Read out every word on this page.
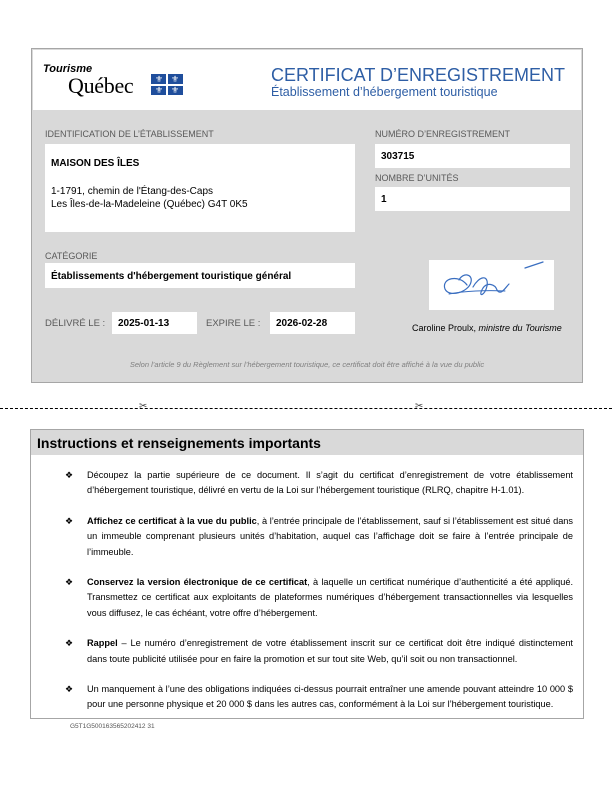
Tourisme
Québec ⚜ ⚜
⚜ ⚜
CERTIFICAT D’ENREGISTREMENT
Établissement d’hébergement touristique
IDENTIFICATION DE L’ÉTABLISSEMENT
MAISON DES ÎLES
1-1791, chemin de l'Étang-des-Caps
Les Îles-de-la-Madeleine (Québec) G4T 0K5
NUMÉRO D’ENREGISTREMENT
303715
NOMBRE D’UNITÉS
1
CATÉGORIE
Établissements d'hébergement touristique général
DÉLIVRÉ LE : 2025-01-13	EXPIRE LE : 2026-02-28	Caroline Proulx, ministre du Tourisme
Selon l’article 9 du Règlement sur l’hébergement touristique, ce certificat doit être affiché à la vue du public
✂	✂
Instructions et renseignements importants
❖ Découpez la partie supérieure de ce document. Il s’agit du certificat d’enregistrement de votre établissement d’hébergement touristique, délivré en vertu de la Loi sur l’hébergement touristique (RLRQ, chapitre H-1.01).
❖ Affichez ce certificat à la vue du public, à l’entrée principale de l’établissement, sauf si l’établissement est situé dans un immeuble comprenant plusieurs unités d’habitation, auquel cas l’affichage doit se faire à l’entrée principale de l’immeuble.
❖ Conservez la version électronique de ce certificat, à laquelle un certificat numérique d’authenticité a été appliqué. Transmettez ce certificat aux exploitants de plateformes numériques d’hébergement transactionnelles via lesquelles vous diffusez, le cas échéant, votre offre d’hébergement.
❖ Rappel – Le numéro d’enregistrement de votre établissement inscrit sur ce certificat doit être indiqué distinctement dans toute publicité utilisée pour en faire la promotion et sur tout site Web, qu’il soit ou non transactionnel.
❖ Un manquement à l’une des obligations indiquées ci-dessus pourrait entraîner une amende pouvant atteindre 10 000 $ pour une personne physique et 20 000 $ dans les autres cas, conformément à la Loi sur l’hébergement touristique.
G5T1G500163565202412 31
